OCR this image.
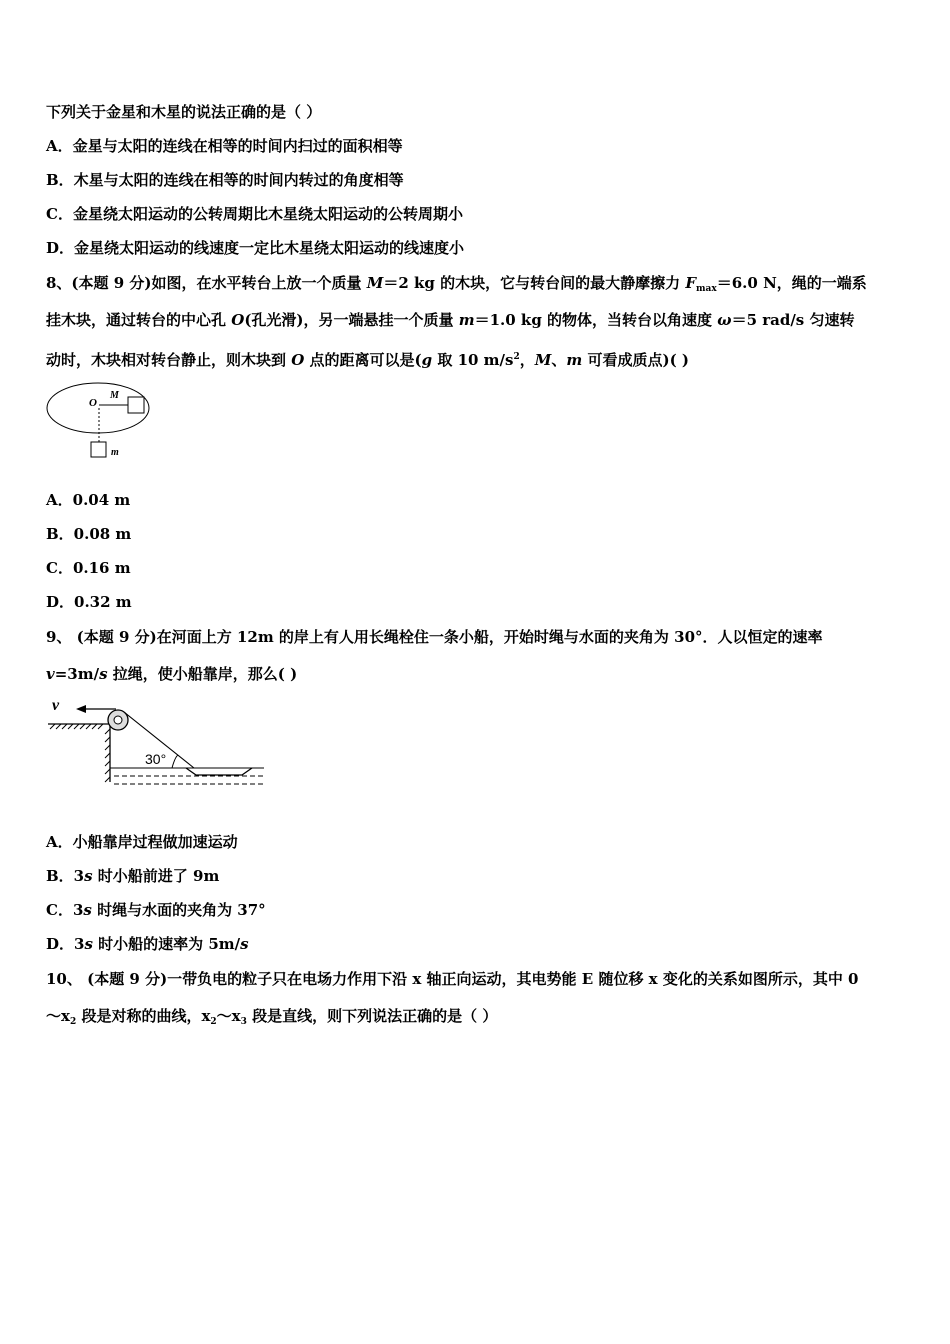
下列关于金星和木星的说法正确的是（ ）
A．金星与太阳的连线在相等的时间内扫过的面积相等
B．木星与太阳的连线在相等的时间内转过的角度相等
C．金星绕太阳运动的公转周期比木星绕太阳运动的公转周期小
D．金星绕太阳运动的线速度一定比木星绕太阳运动的线速度小
8、(本题 9 分)如图，在水平转台上放一个质量 M＝2 kg 的木块，它与转台间的最大静摩擦力 $F_{max}=6.0$ N，绳的一端系
挂木块，通过转台的中心孔 O(孔光滑)，另一端悬挂一个质量 m＝1.0 kg 的物体，当转台以角速度 ω＝5 rad/s 匀速转
动时，木块相对转台静止，则木块到 O 点的距离可以是(g 取 10 $m/s^2$，M、m 可看成质点)( )
O
M
m
A．0.04 m
B．0.08 m
C．0.16 m
D．0.32 m
9、 (本题 9 分)在河面上方 12m 的岸上有人用长绳栓住一条小船，开始时绳与水面的夹角为 30°．人以恒定的速率
v=3m/s 拉绳，使小船靠岸，那么( )
v
30°
A．小船靠岸过程做加速运动
B．3s 时小船前进了 9m
C．3s 时绳与水面的夹角为 37°
D．3s 时小船的速率为 5m/s
10、 (本题 9 分)一带负电的粒子只在电场力作用下沿 x 轴正向运动，其电势能 E 随位移 x 变化的关系如图所示，其中 0
$\sim x_2$ 段是对称的曲线，$x_2\sim x_3$ 段是直线，则下列说法正确的是（ ）
